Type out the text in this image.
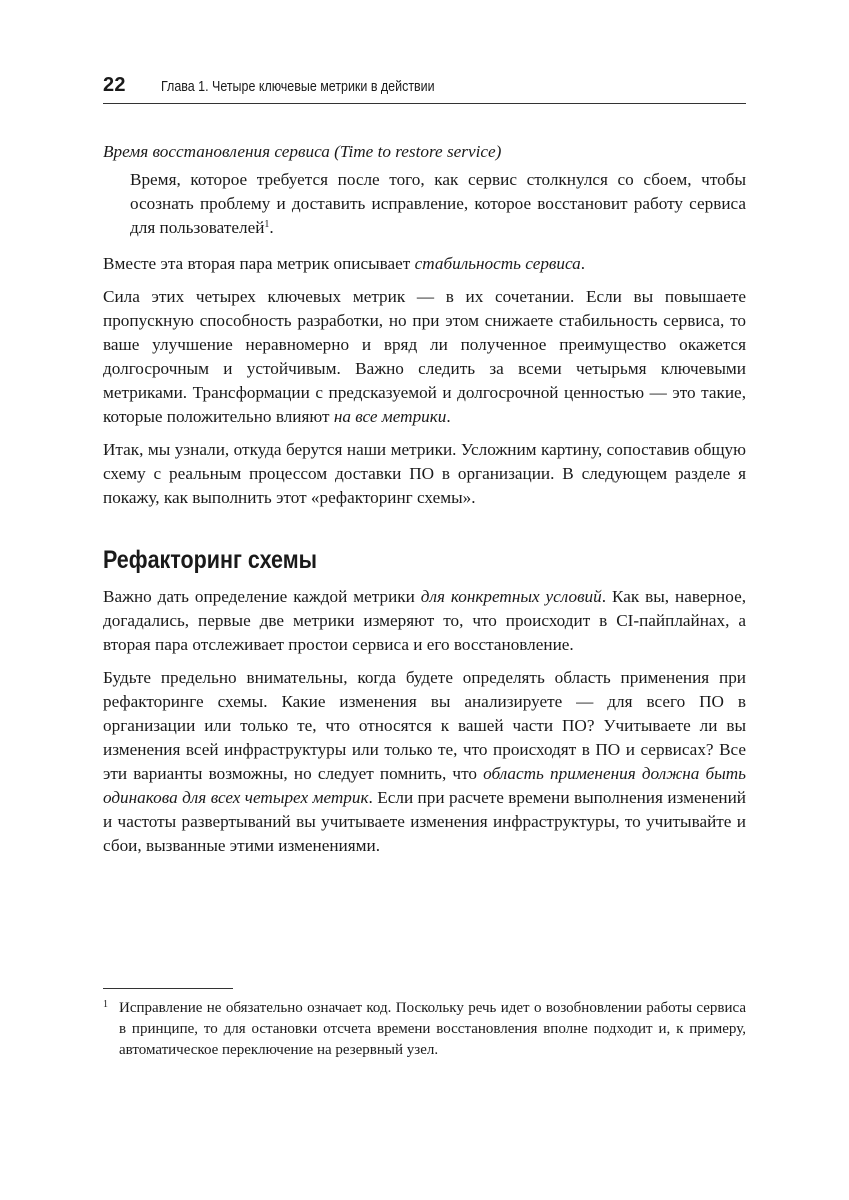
22 Глава 1. Четыре ключевые метрики в действии
Время восстановления сервиса (Time to restore service)

Время, которое требуется после того, как сервис столкнулся со сбоем, чтобы осознать проблему и доставить исправление, которое восстановит работу сервиса для пользователей$^1$.

Вместе эта вторая пара метрик описывает стабильность сервиса.

Сила этих четырех ключевых метрик — в их сочетании. Если вы повышаете пропускную способность разработки, но при этом снижаете стабильность сервиса, то ваше улучшение неравномерно и вряд ли полученное преимущество окажется долгосрочным и устойчивым. Важно следить за всеми четырьмя ключевыми метриками. Трансформации с предсказуемой и долгосрочной ценностью — это такие, которые положительно влияют на все метрики.

Итак, мы узнали, откуда берутся наши метрики. Усложним картину, сопоставив общую схему с реальным процессом доставки ПО в организации. В следующем разделе я покажу, как выполнить этот «рефакторинг схемы».

Рефакторинг схемы

Важно дать определение каждой метрики для конкретных условий. Как вы, наверное, догадались, первые две метрики измеряют то, что происходит в CI-пайплайнах, а вторая пара отслеживает простои сервиса и его восстановление.

Будьте предельно внимательны, когда будете определять область применения при рефакторинге схемы. Какие изменения вы анализируете — для всего ПО в организации или только те, что относятся к вашей части ПО? Учитываете ли вы изменения всей инфраструктуры или только те, что происходят в ПО и сервисах? Все эти варианты возможны, но следует помнить, что область применения должна быть одинакова для всех четырех метрик. Если при расчете времени выполнения изменений и частоты развертываний вы учитываете изменения инфраструктуры, то учитывайте и сбои, вызванные этими изменениями.

1 Исправление не обязательно означает код. Поскольку речь идет о возобновлении работы сервиса в принципе, то для остановки отсчета времени восстановления вполне подходит и, к примеру, автоматическое переключение на резервный узел.
